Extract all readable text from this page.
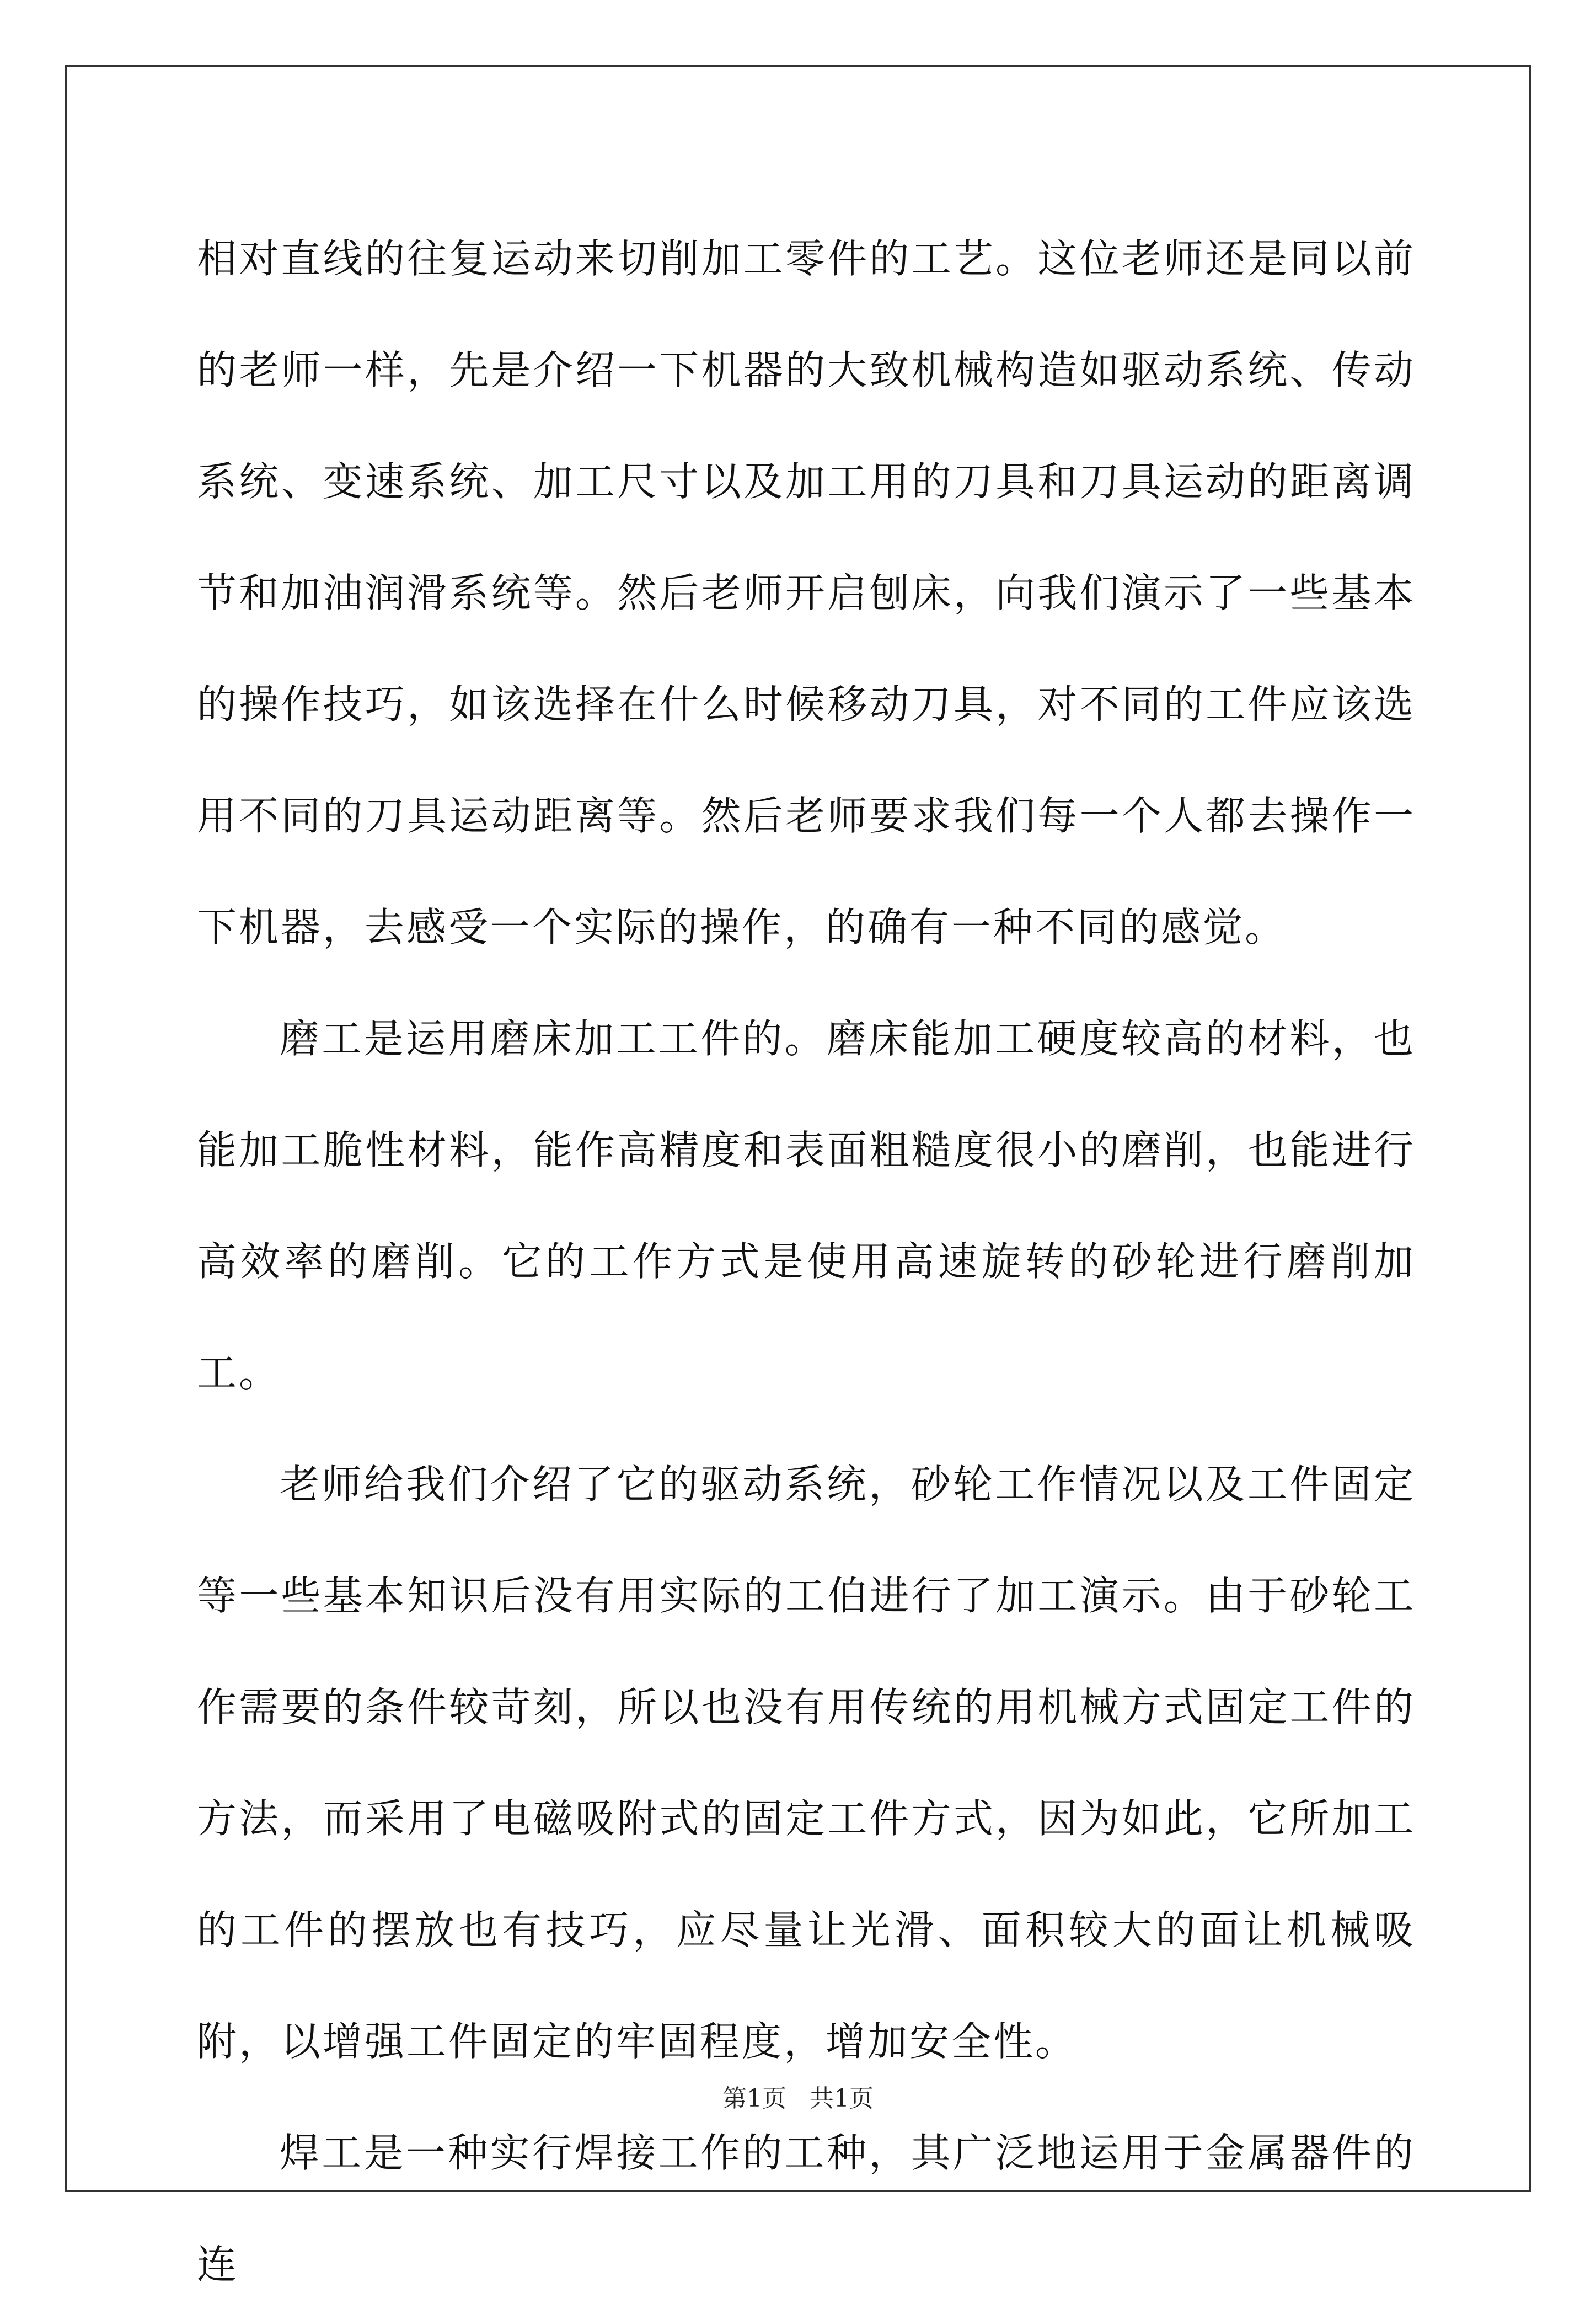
相对直线的往复运动来切削加工零件的工艺。这位老师还是同以前的老师一样，先是介绍一下机器的大致机械构造如驱动系统、传动系统、变速系统、加工尺寸以及加工用的刀具和刀具运动的距离调节和加油润滑系统等。然后老师开启刨床，向我们演示了一些基本的操作技巧，如该选择在什么时候移动刀具，对不同的工件应该选用不同的刀具运动距离等。然后老师要求我们每一个人都去操作一下机器，去感受一个实际的操作，的确有一种不同的感觉。

磨工是运用磨床加工工件的。磨床能加工硬度较高的材料，也能加工脆性材料，能作高精度和表面粗糙度很小的磨削，也能进行高效率的磨削。它的工作方式是使用高速旋转的砂轮进行磨削加工。

老师给我们介绍了它的驱动系统，砂轮工作情况以及工件固定等一些基本知识后没有用实际的工伯进行了加工演示。由于砂轮工作需要的条件较苛刻，所以也没有用传统的用机械方式固定工件的方法，而采用了电磁吸附式的固定工件方式，因为如此，它所加工的工件的摆放也有技巧，应尽量让光滑、面积较大的面让机械吸附，以增强工件固定的牢固程度，增加安全性。

焊工是一种实行焊接工作的工种，其广泛地运用于金属器件的连

第1页 共1页
